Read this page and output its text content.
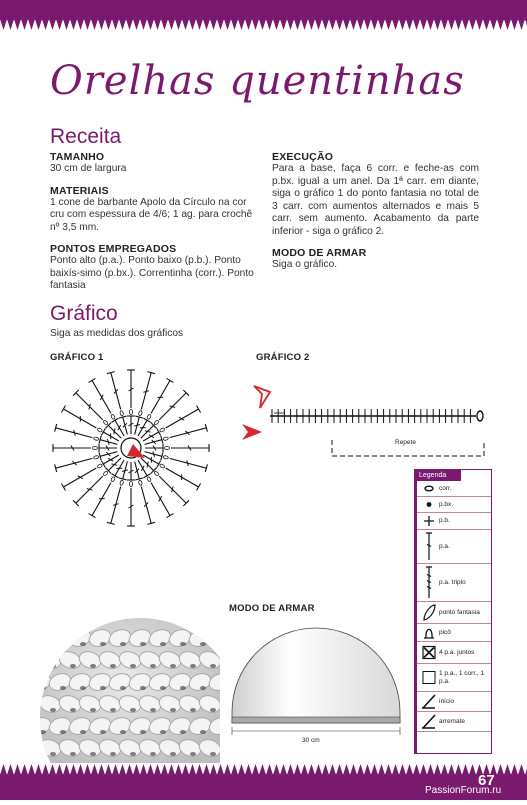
Orelhas quentinhas
Receita
TAMANHO
30 cm de largura
MATERIAIS
1 cone de barbante Apolo da Círculo na cor cru com espessura de 4/6; 1 ag. para crochê nº 3,5 mm.
PONTOS EMPREGADOS
Ponto alto (p.a.). Ponto baixo (p.b.). Ponto baixís-simo (p.bx.). Correntinha (corr.). Ponto fantasia
EXECUÇÃO
Para a base, faça 6 corr. e feche-as com p.bx. igual a um anel. Da 1ª carr. em diante, siga o gráfico 1 do ponto fantasia no total de 3 carr. com aumentos alternados e mais 5 carr. sem aumento. Acabamento da parte inferior - siga o gráfico 2.
MODO DE ARMAR
Siga o gráfico.
Gráfico
Siga as medidas dos gráficos
GRÁFICO 1	GRÁFICO 2
Repete
Legenda
corr.
p.bx.
p.b.
p.a.
p.a. triplo
ponto fantasia
picô
4 p.a. juntos
1 p.a., 1 corr., 1 p.a.
início
arremate
MODO DE ARMAR
30 cm
67
PassionForum.ru
